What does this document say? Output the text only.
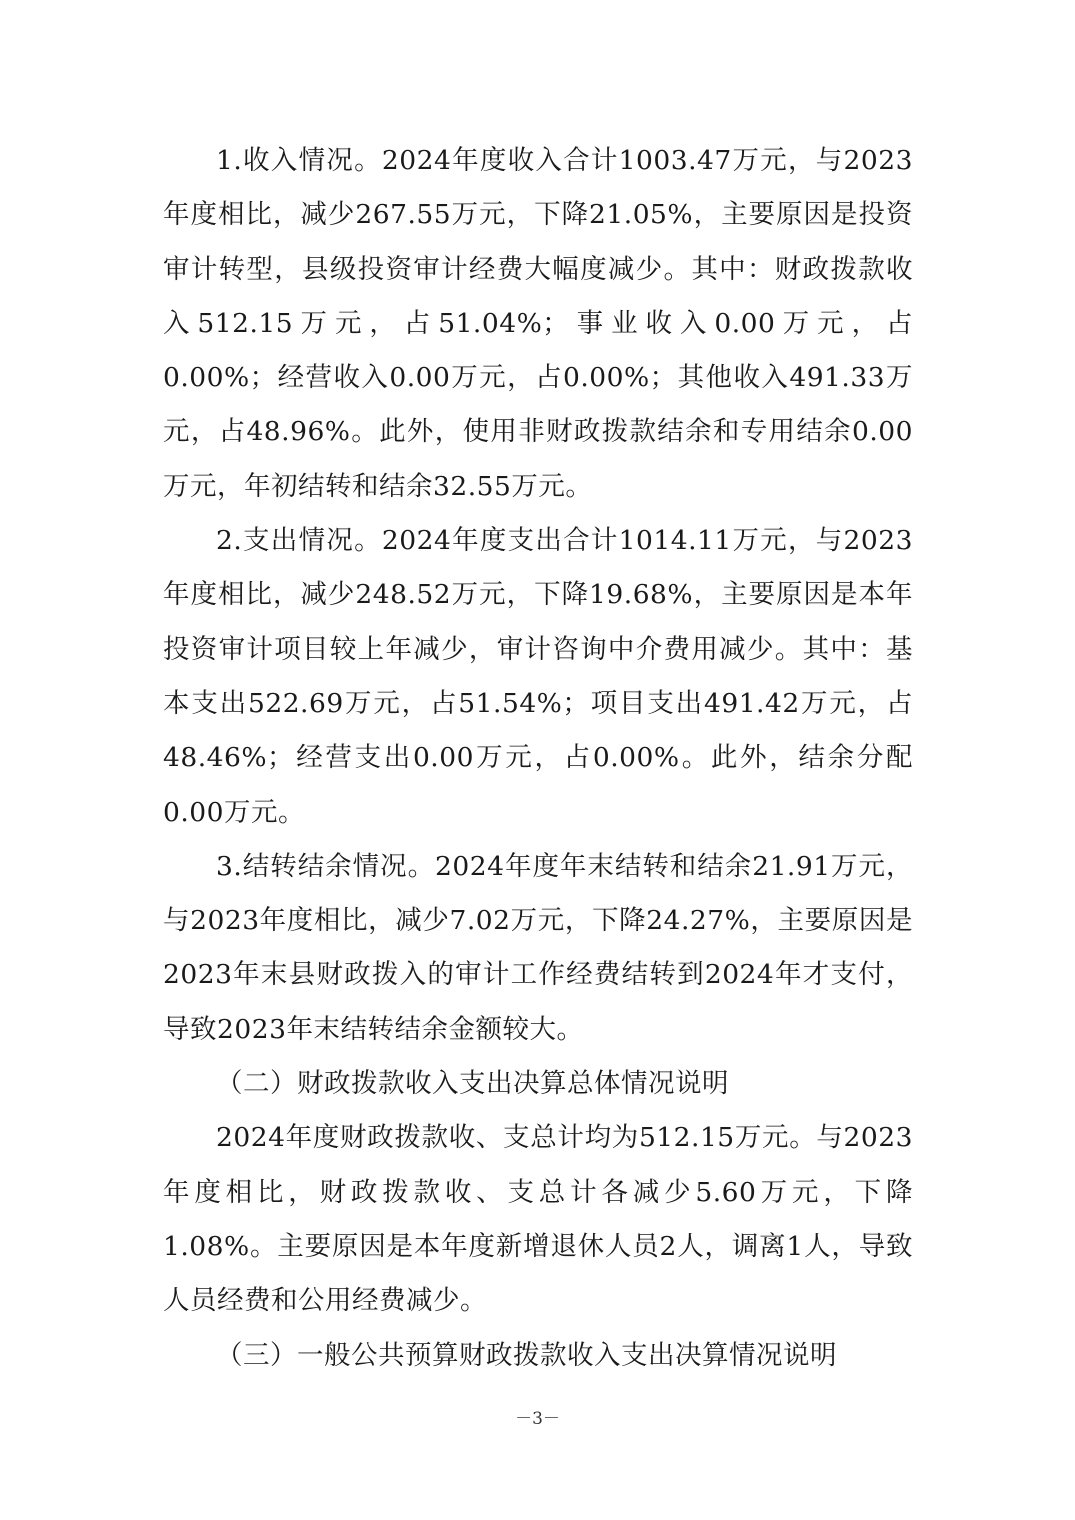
1.收入情况。2024年度收入合计1003.47万元，与2023年度相比，减少267.55万元，下降21.05%，主要原因是投资审计转型，县级投资审计经费大幅度减少。其中：财政拨款收入512.15万元，占51.04%；事业收入0.00万元，占0.00%；经营收入0.00万元，占0.00%；其他收入491.33万元，占48.96%。此外，使用非财政拨款结余和专用结余0.00万元，年初结转和结余32.55万元。

2.支出情况。2024年度支出合计1014.11万元，与2023年度相比，减少248.52万元，下降19.68%，主要原因是本年投资审计项目较上年减少，审计咨询中介费用减少。其中：基本支出522.69万元，占51.54%；项目支出491.42万元，占48.46%；经营支出0.00万元，占0.00%。此外，结余分配0.00万元。

3.结转结余情况。2024年度年末结转和结余21.91万元，与2023年度相比，减少7.02万元，下降24.27%，主要原因是2023年末县财政拨入的审计工作经费结转到2024年才支付，导致2023年末结转结余金额较大。

（二）财政拨款收入支出决算总体情况说明

2024年度财政拨款收、支总计均为512.15万元。与2023年度相比，财政拨款收、支总计各减少5.60万元，下降1.08%。主要原因是本年度新增退休人员2人，调离1人，导致人员经费和公用经费减少。

（三）一般公共预算财政拨款收入支出决算情况说明

－3－
